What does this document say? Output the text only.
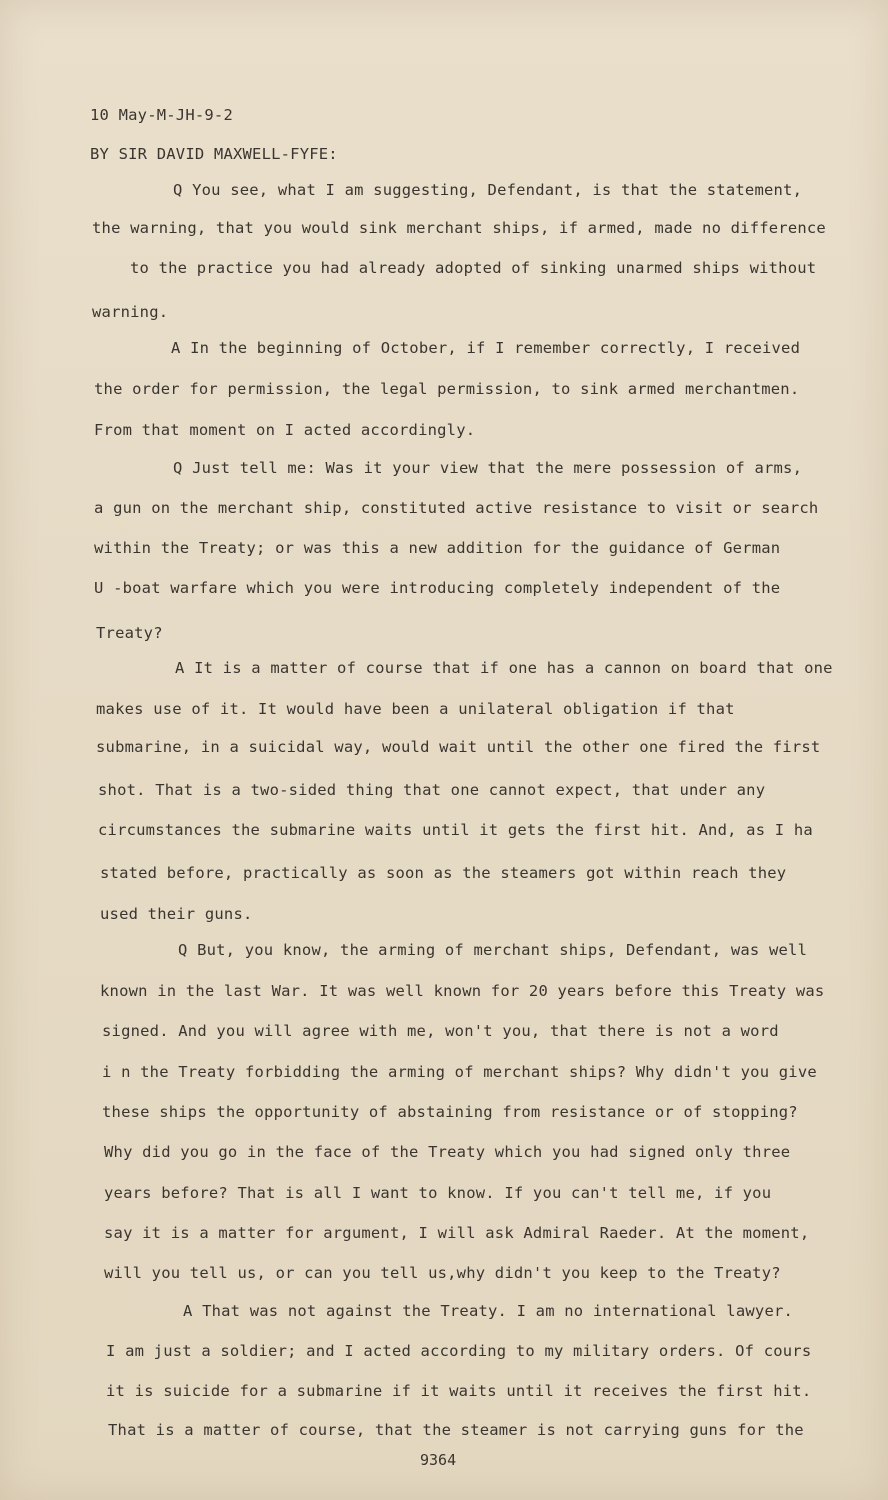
10 May-M-JH-9-2
BY SIR DAVID MAXWELL-FYFE:
Q You see, what I am suggesting, Defendant, is that the statement,
the warning, that you would sink merchant ships, if armed, made no difference
to the practice you had already adopted of sinking unarmed ships without
warning.
A In the beginning of October, if I remember correctly, I received
the order for permission, the legal permission, to sink armed merchantmen.
From that moment on I acted accordingly.
Q Just tell me: Was it your view that the mere possession of arms,
a gun on the merchant ship, constituted active resistance to visit or search
within the Treaty; or was this a new addition for the guidance of German
U -boat warfare which you were introducing completely independent of the
Treaty?
A It is a matter of course that if one has a cannon on board that one
makes use of it. It would have been a unilateral obligation if that
submarine, in a suicidal way, would wait until the other one fired the first
shot. That is a two-sided thing that one cannot expect, that under any
circumstances the submarine waits until it gets the first hit. And, as I ha
stated before, practically as soon as the steamers got within reach they
used their guns.
Q But, you know, the arming of merchant ships, Defendant, was well
known in the last War. It was well known for 20 years before this Treaty was
signed. And you will agree with me, won't you, that there is not a word
i n the Treaty forbidding the arming of merchant ships? Why didn't you give
these ships the opportunity of abstaining from resistance or of stopping?
Why did you go in the face of the Treaty which you had signed only three
years before? That is all I want to know. If you can't tell me, if you
say it is a matter for argument, I will ask Admiral Raeder. At the moment,
will you tell us, or can you tell us,why didn't you keep to the Treaty?
A That was not against the Treaty. I am no international lawyer.
I am just a soldier; and I acted according to my military orders. Of cours
it is suicide for a submarine if it waits until it receives the first hit.
That is a matter of course, that the steamer is not carrying guns for the
9364
